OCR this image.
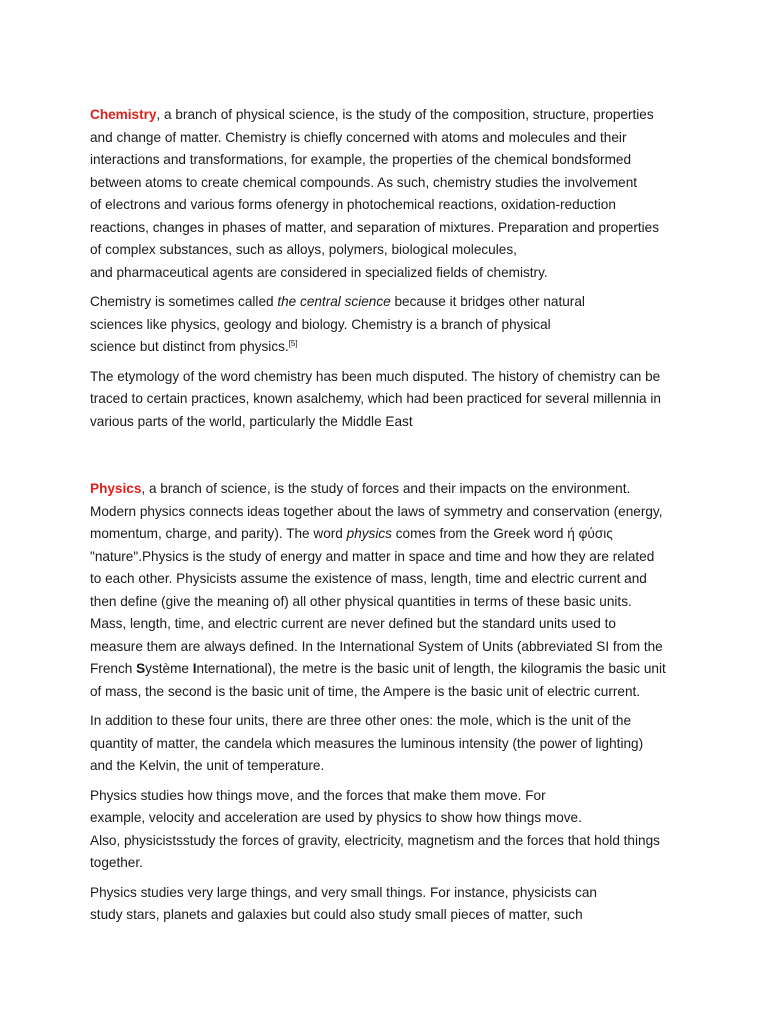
Chemistry, a branch of physical science, is the study of the composition, structure, properties
and change of matter. Chemistry is chiefly concerned with atoms and molecules and their
interactions and transformations, for example, the properties of the chemical bondsformed
between atoms to create chemical compounds. As such, chemistry studies the involvement
of electrons and various forms ofenergy in photochemical reactions, oxidation-reduction
reactions, changes in phases of matter, and separation of mixtures. Preparation and properties
of complex substances, such as alloys, polymers, biological molecules,
and pharmaceutical agents are considered in specialized fields of chemistry.
Chemistry is sometimes called the central science because it bridges other natural
sciences like physics, geology and biology. Chemistry is a branch of physical
science but distinct from physics.[5]
The etymology of the word chemistry has been much disputed. The history of chemistry can be
traced to certain practices, known asalchemy, which had been practiced for several millennia in
various parts of the world, particularly the Middle East
Physics, a branch of science, is the study of forces and their impacts on the environment.
Modern physics connects ideas together about the laws of symmetry and conservation (energy,
momentum, charge, and parity). The word physics comes from the Greek word ή φύσις
"nature".Physics is the study of energy and matter in space and time and how they are related
to each other. Physicists assume the existence of mass, length, time and electric current and
then define (give the meaning of) all other physical quantities in terms of these basic units.
Mass, length, time, and electric current are never defined but the standard units used to
measure them are always defined. In the International System of Units (abbreviated SI from the
French Système International), the metre is the basic unit of length, the kilogramis the basic unit
of mass, the second is the basic unit of time, the Ampere is the basic unit of electric current.
In addition to these four units, there are three other ones: the mole, which is the unit of the
quantity of matter, the candela which measures the luminous intensity (the power of lighting)
and the Kelvin, the unit of temperature.
Physics studies how things move, and the forces that make them move. For
example, velocity and acceleration are used by physics to show how things move.
Also, physicistsstudy the forces of gravity, electricity, magnetism and the forces that hold things
together.
Physics studies very large things, and very small things. For instance, physicists can
study stars, planets and galaxies but could also study small pieces of matter, such
